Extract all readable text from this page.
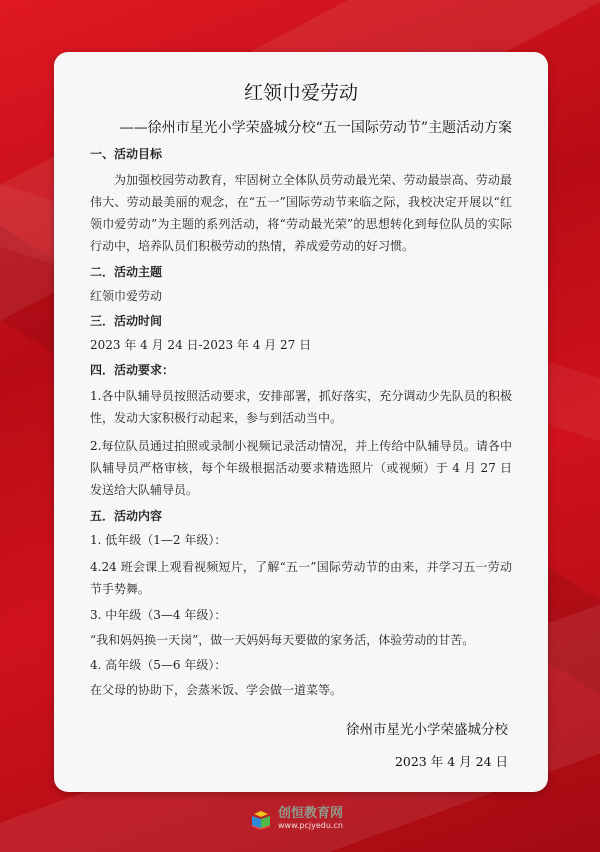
红领巾爱劳动
——徐州市星光小学荣盛城分校“五一国际劳动节”主题活动方案
一、活动目标
为加强校园劳动教育，牢固树立全体队员劳动最光荣、劳动最崇高、劳动最伟大、劳动最美丽的观念，在“五一”国际劳动节来临之际，我校决定开展以“红领巾爱劳动”为主题的系列活动，将“劳动最光荣”的思想转化到每位队员的实际行动中，培养队员们积极劳动的热情，养成爱劳动的好习惯。
二．活动主题
红领巾爱劳动
三．活动时间
2023 年 4 月 24 日-2023 年 4 月 27 日
四．活动要求：
1.各中队辅导员按照活动要求，安排部署，抓好落实，充分调动少先队员的积极性，发动大家积极行动起来，参与到活动当中。
2.每位队员通过拍照或录制小视频记录活动情况，并上传给中队辅导员。请各中队辅导员严格审核，每个年级根据活动要求精选照片（或视频）于 4 月 27 日发送给大队辅导员。
五．活动内容
1. 低年级（1—2 年级）：
4.24 班会课上观看视频短片，了解“五一”国际劳动节的由来，并学习五一劳动节手势舞。
3. 中年级（3—4 年级）：
“我和妈妈换一天岗”，做一天妈妈每天要做的家务活，体验劳动的甘苦。
4. 高年级（5—6 年级）：
在父母的协助下，会蒸米饭、学会做一道菜等。
徐州市星光小学荣盛城分校
2023 年 4 月 24 日
创恒教育网
www.pcjyedu.cn
